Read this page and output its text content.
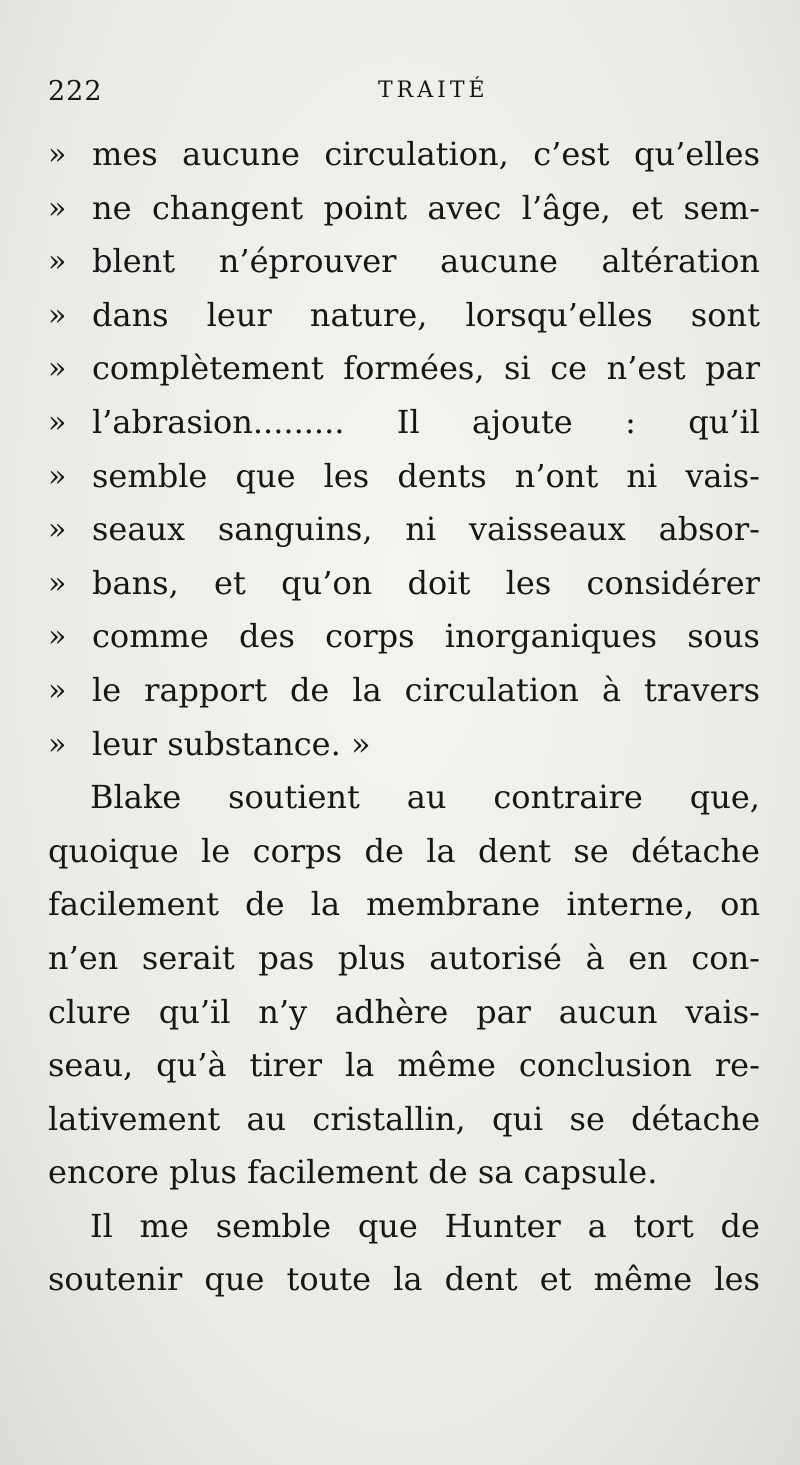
222	TRAITÉ
» mes aucune circulation, c’est qu’elles
» ne changent point avec l’âge, et sem-
» blent n’éprouver aucune altération
» dans leur nature, lorsqu’elles sont
» complètement formées, si ce n’est par
» l’abrasion......... Il ajoute : qu’il
» semble que les dents n’ont ni vais-
» seaux sanguins, ni vaisseaux absor-
» bans, et qu’on doit les considérer
» comme des corps inorganiques sous
» le rapport de la circulation à travers
» leur substance. »
Blake soutient au contraire que,
quoique le corps de la dent se détache
facilement de la membrane interne, on
n’en serait pas plus autorisé à en con-
clure qu’il n’y adhère par aucun vais-
seau, qu’à tirer la même conclusion re-
lativement au cristallin, qui se détache
encore plus facilement de sa capsule.
Il me semble que Hunter a tort de
soutenir que toute la dent et même les
